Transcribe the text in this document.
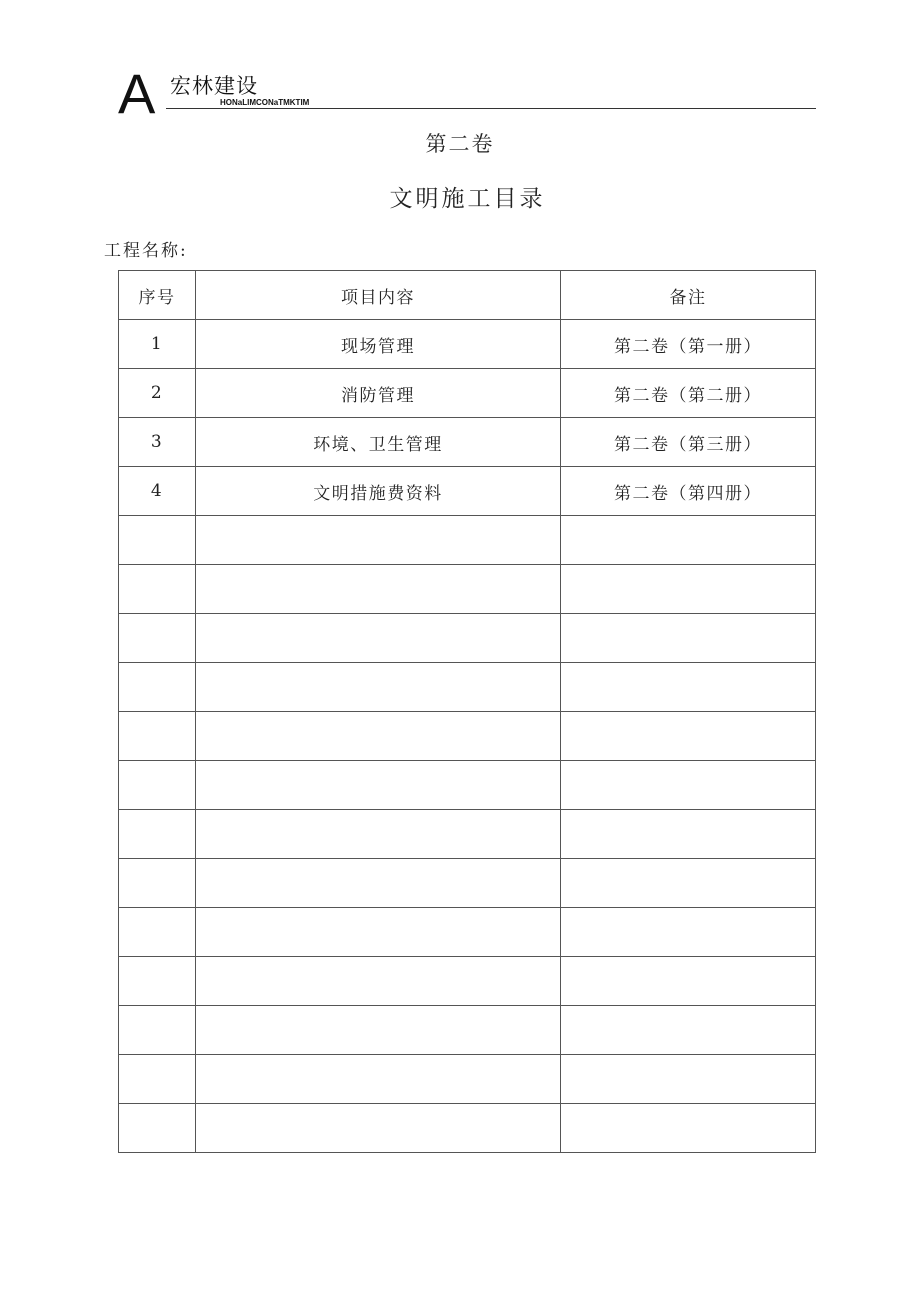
A 宏林建设
HONaLIMCONaTMKTIM
第二卷
文明施工目录
工程名称:
序号	项目内容	备注
1	现场管理	第二卷（第一册）
2	消防管理	第二卷（第二册）
3	环境、卫生管理	第二卷（第三册）
4	文明措施费资料	第二卷（第四册）
